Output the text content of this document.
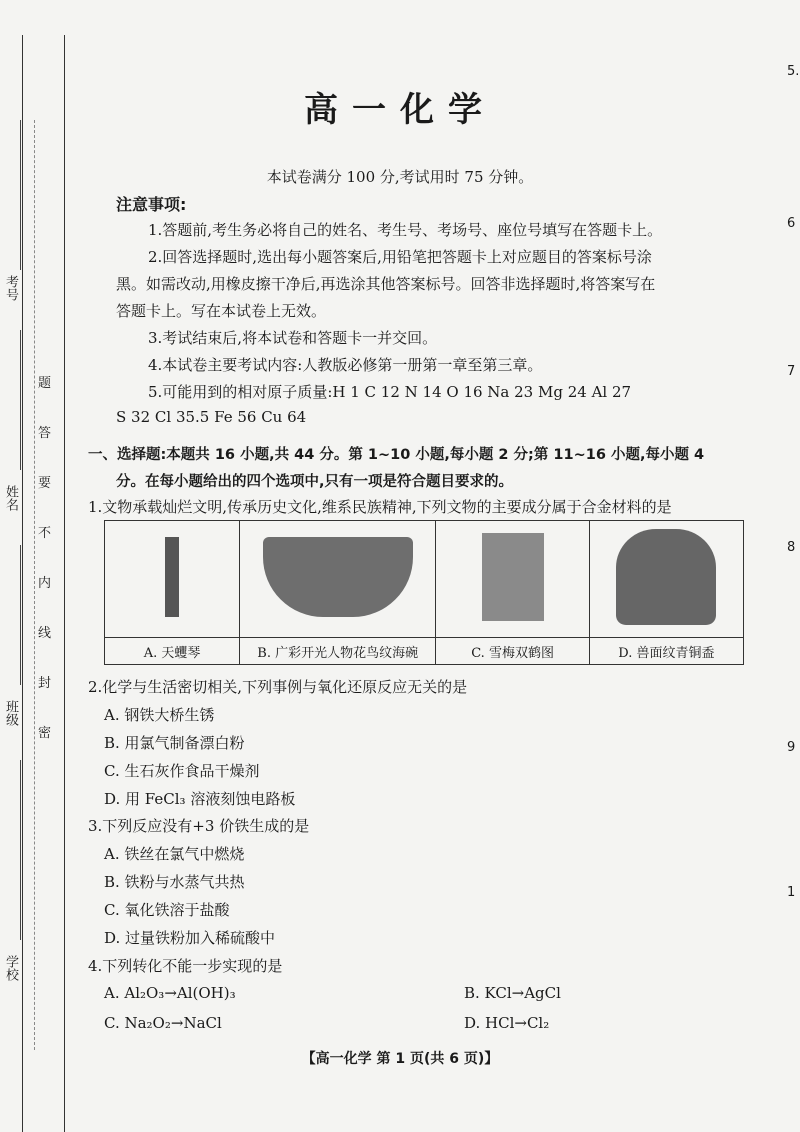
考号
姓名
班级
学校
题
答
要
不
内
线
封
密
5.
6
7
8
9
1
高一化学
本试卷满分 100 分,考试用时 75 分钟。
注意事项:
1.答题前,考生务必将自己的姓名、考生号、考场号、座位号填写在答题卡上。
2.回答选择题时,选出每小题答案后,用铅笔把答题卡上对应题目的答案标号涂
黑。如需改动,用橡皮擦干净后,再选涂其他答案标号。回答非选择题时,将答案写在
答题卡上。写在本试卷上无效。
3.考试结束后,将本试卷和答题卡一并交回。
4.本试卷主要考试内容:人教版必修第一册第一章至第三章。
5.可能用到的相对原子质量:H 1 C 12 N 14 O 16 Na 23 Mg 24 Al 27
S 32 Cl 35.5 Fe 56 Cu 64
一、选择题:本题共 16 小题,共 44 分。第 1~10 小题,每小题 2 分;第 11~16 小题,每小题 4
分。在每小题给出的四个选项中,只有一项是符合题目要求的。
1.文物承载灿烂文明,传承历史文化,维系民族精神,下列文物的主要成分属于合金材料的是

A. 天蠼琴	B. 广彩开光人物花鸟纹海碗	C. 雪梅双鹤图	D. 兽面纹青铜盉
2.化学与生活密切相关,下列事例与氧化还原反应无关的是
A. 钢铁大桥生锈
B. 用氯气制备漂白粉
C. 生石灰作食品干燥剂
D. 用 FeCl₃ 溶液刻蚀电路板
3.下列反应没有+3 价铁生成的是
A. 铁丝在氯气中燃烧
B. 铁粉与水蒸气共热
C. 氧化铁溶于盐酸
D. 过量铁粉加入稀硫酸中
4.下列转化不能一步实现的是
A. Al₂O₃→Al(OH)₃	B. KCl→AgCl
C. Na₂O₂→NaCl	D. HCl→Cl₂
【高一化学 第 1 页(共 6 页)】
